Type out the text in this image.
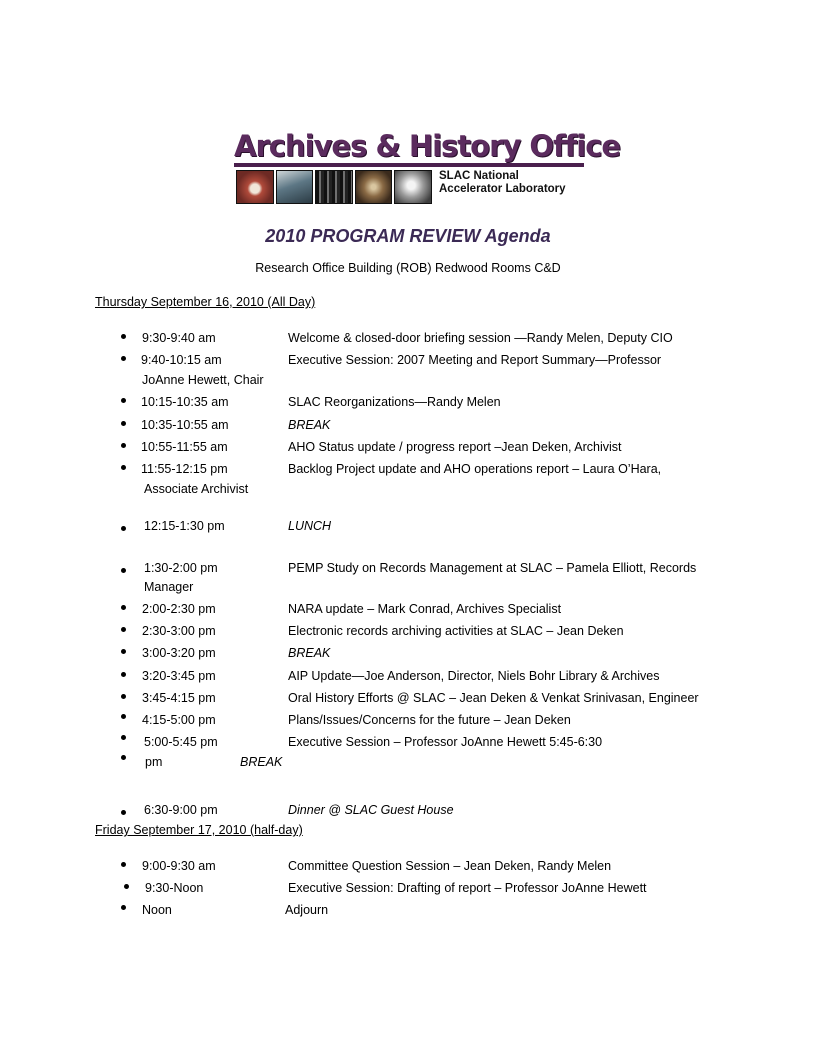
Archives & History Office
SLAC National
Accelerator Laboratory
2010 PROGRAM REVIEW Agenda
Research Office Building (ROB) Redwood Rooms C&D
Thursday September 16, 2010 (All Day)
9:30-9:40 am	Welcome & closed-door briefing session —Randy Melen, Deputy CIO
9:40-10:15 am	Executive Session: 2007 Meeting and Report Summary—Professor
JoAnne Hewett, Chair
10:15-10:35 am	SLAC Reorganizations—Randy Melen
10:35-10:55 am	BREAK
10:55-11:55 am	AHO Status update / progress report –Jean Deken, Archivist
11:55-12:15 pm	Backlog Project update and AHO operations report – Laura O’Hara,
Associate Archivist
12:15-1:30 pm	LUNCH
1:30-2:00 pm	PEMP Study on Records Management at SLAC – Pamela Elliott, Records
Manager
2:00-2:30 pm	NARA update – Mark Conrad, Archives Specialist
2:30-3:00 pm	Electronic records archiving activities at SLAC – Jean Deken
3:00-3:20 pm	BREAK
3:20-3:45 pm	AIP Update—Joe Anderson, Director, Niels Bohr Library & Archives
3:45-4:15 pm	Oral History Efforts @ SLAC – Jean Deken & Venkat Srinivasan, Engineer
4:15-5:00 pm	Plans/Issues/Concerns for the future – Jean Deken
5:00-5:45 pm	Executive Session – Professor JoAnne Hewett 5:45-6:30
pm	BREAK
6:30-9:00 pm	Dinner @ SLAC Guest House
Friday September 17, 2010 (half-day)
9:00-9:30 am	Committee Question Session – Jean Deken, Randy Melen
9:30-Noon	Executive Session: Drafting of report – Professor JoAnne Hewett
Noon	Adjourn
